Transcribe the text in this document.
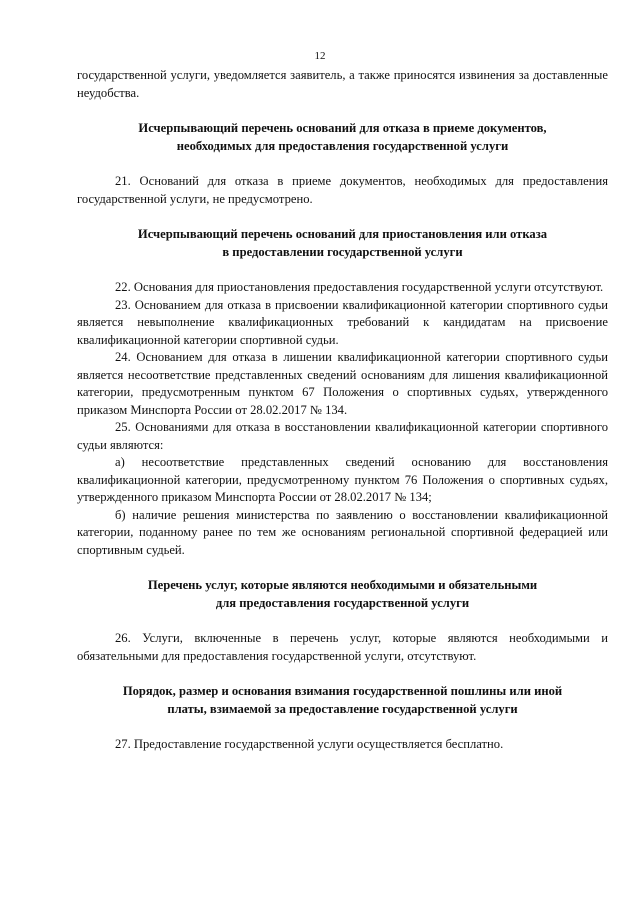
12

государственной услуги, уведомляется заявитель, а также приносятся извинения за доставленные неудобства.

Исчерпывающий перечень оснований для отказа в приеме документов,
необходимых для предоставления государственной услуги

21. Оснований для отказа в приеме документов, необходимых для предоставления государственной услуги, не предусмотрено.

Исчерпывающий перечень оснований для приостановления или отказа
в предоставлении государственной услуги

22. Основания для приостановления предоставления государственной услуги отсутствуют.

23. Основанием для отказа в присвоении квалификационной категории спортивного судьи является невыполнение квалификационных требований к кандидатам на присвоение квалификационной категории спортивной судьи.

24. Основанием для отказа в лишении квалификационной категории спортивного судьи является несоответствие представленных сведений основаниям для лишения квалификационной категории, предусмотренным пунктом 67 Положения о спортивных судьях, утвержденного приказом Минспорта России от 28.02.2017 № 134.

25. Основаниями для отказа в восстановлении квалификационной категории спортивного судьи являются:

а) несоответствие представленных сведений основанию для восстановления квалификационной категории, предусмотренному пунктом 76 Положения о спортивных судьях, утвержденного приказом Минспорта России от 28.02.2017 № 134;

б) наличие решения министерства по заявлению о восстановлении квалификационной категории, поданному ранее по тем же основаниям региональной спортивной федерацией или спортивным судьей.

Перечень услуг, которые являются необходимыми и обязательными
для предоставления государственной услуги

26. Услуги, включенные в перечень услуг, которые являются необходимыми и обязательными для предоставления государственной услуги, отсутствуют.

Порядок, размер и основания взимания государственной пошлины или иной
платы, взимаемой за предоставление государственной услуги

27. Предоставление государственной услуги осуществляется бесплатно.
